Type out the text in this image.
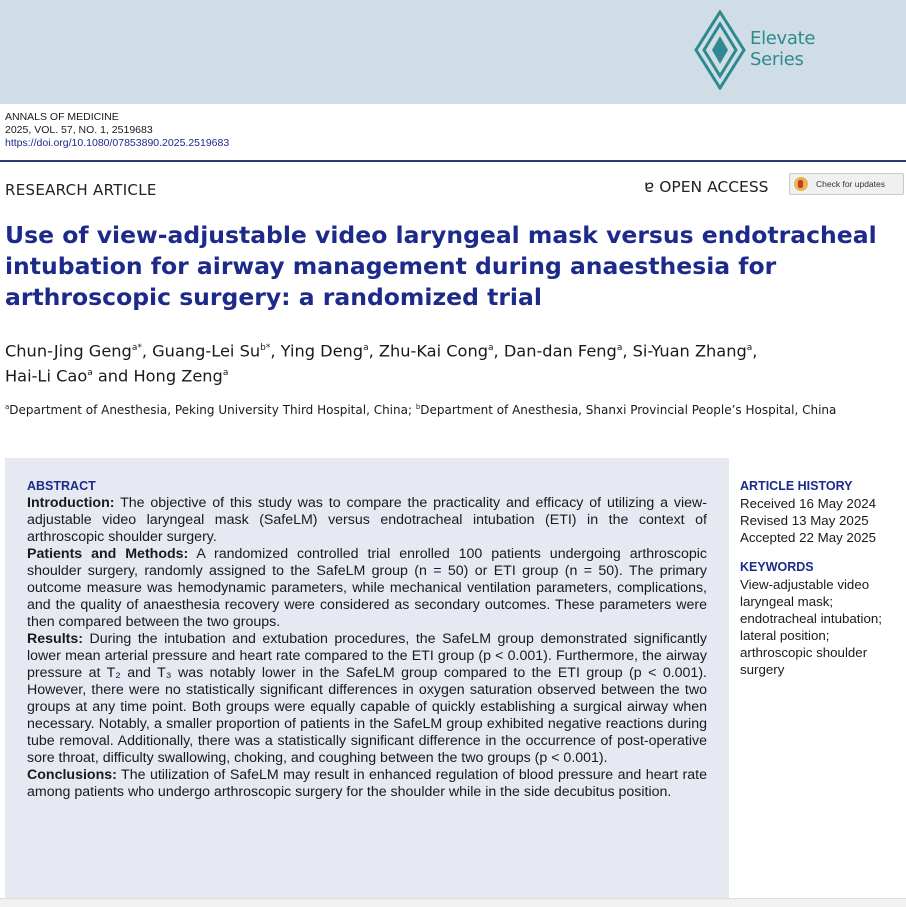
Elevate
Series
ANNALS OF MEDICINE
2025, VOL. 57, NO. 1, 2519683
https://doi.org/10.1080/07853890.2025.2519683
RESEARCH ARTICLE	ɐ OPEN ACCESS	Check for updates
Use of view-adjustable video laryngeal mask versus endotracheal intubation for airway management during anaesthesia for arthroscopic surgery: a randomized trial
Chun-Jing Geng$^{a*}$, Guang-Lei $Su^{b*}$, Ying Deng$^a$, Zhu-Kai Cong$^a$, Dan-dan Feng$^a$, Si-Yuan Zhang$^a$,
Hai-Li Cao$^a$ and Hong Zeng$^a$
$^a$Department of Anesthesia, Peking University Third Hospital, China; $^b$Department of Anesthesia, Shanxi Provincial People’s Hospital, China
ABSTRACT

Introduction: The objective of this study was to compare the practicality and efficacy of utilizing a view-adjustable video laryngeal mask (SafeLM) versus endotracheal intubation (ETI) in the context of arthroscopic shoulder surgery.

Patients and Methods: A randomized controlled trial enrolled 100 patients undergoing arthroscopic shoulder surgery, randomly assigned to the SafeLM group (n = 50) or ETI group (n = 50). The primary outcome measure was hemodynamic parameters, while mechanical ventilation parameters, complications, and the quality of anaesthesia recovery were considered as secondary outcomes. These parameters were then compared between the two groups.

Results: During the intubation and extubation procedures, the SafeLM group demonstrated significantly lower mean arterial pressure and heart rate compared to the ETI group (p < 0.001). Furthermore, the airway pressure at T₂ and T₃ was notably lower in the SafeLM group compared to the ETI group (p < 0.001). However, there were no statistically significant differences in oxygen saturation observed between the two groups at any time point. Both groups were equally capable of quickly establishing a surgical airway when necessary. Notably, a smaller proportion of patients in the SafeLM group exhibited negative reactions during tube removal. Additionally, there was a statistically significant difference in the occurrence of post-operative sore throat, difficulty swallowing, choking, and coughing between the two groups (p < 0.001).

Conclusions: The utilization of SafeLM may result in enhanced regulation of blood pressure and heart rate among patients who undergo arthroscopic surgery for the shoulder while in the side decubitus position.

ARTICLE HISTORY
Received 16 May 2024
Revised 13 May 2025
Accepted 22 May 2025
KEYWORDS
View-adjustable video laryngeal mask;
endotracheal intubation;
lateral position;
arthroscopic shoulder surgery
